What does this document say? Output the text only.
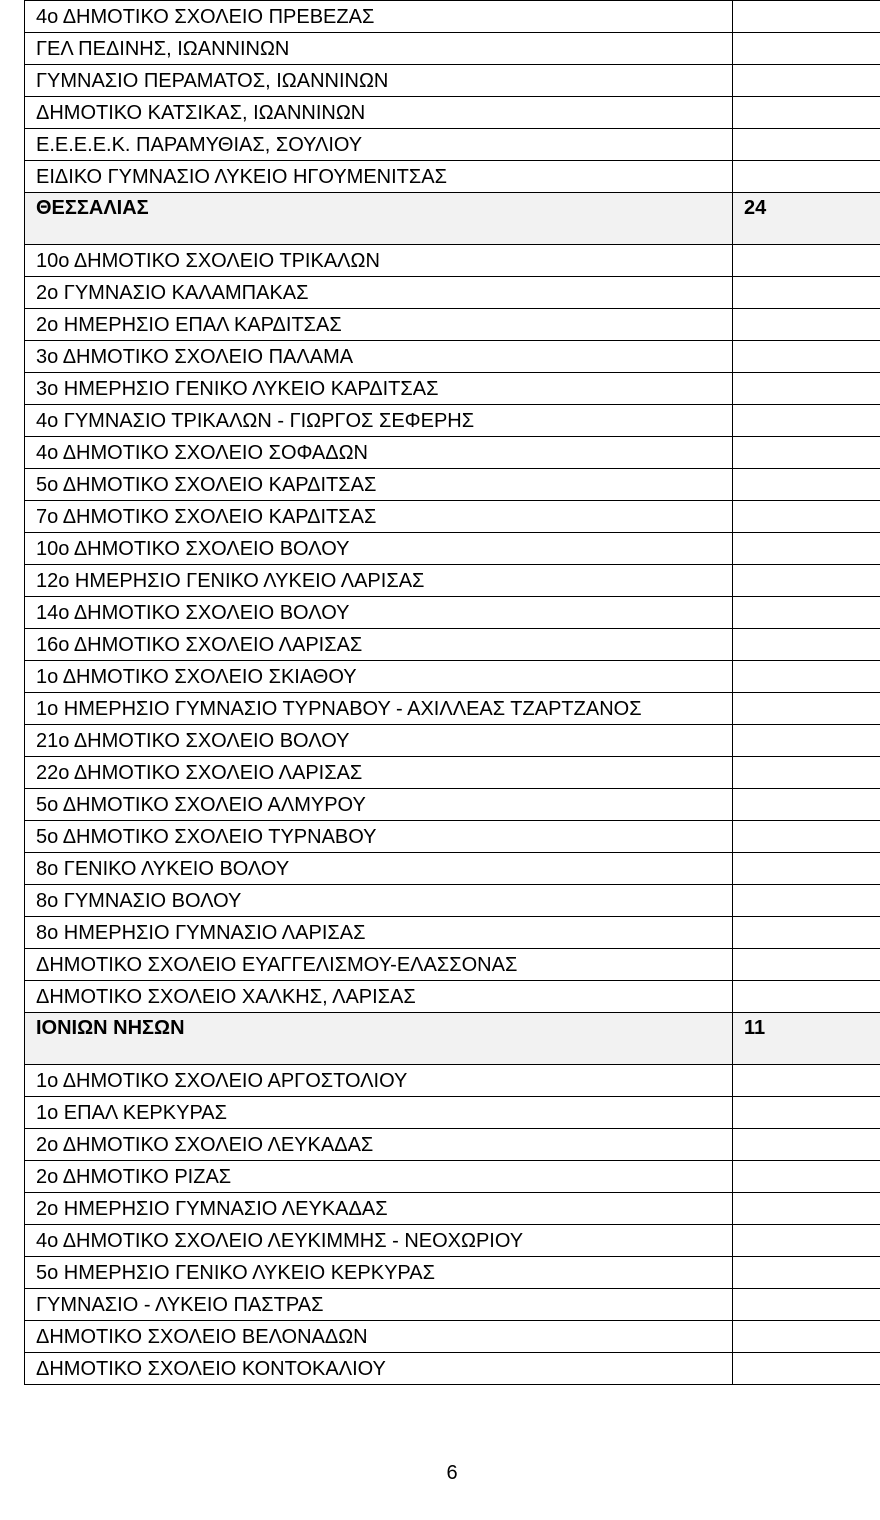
4ο ΔΗΜΟΤΙΚΟ ΣΧΟΛΕΙΟ ΠΡΕΒΕΖΑΣ	
ΓΕΛ ΠΕΔΙΝΗΣ, ΙΩΑΝΝΙΝΩΝ	
ΓΥΜΝΑΣΙΟ ΠΕΡΑΜΑΤΟΣ, ΙΩΑΝΝΙΝΩΝ	
ΔΗΜΟΤΙΚΟ ΚΑΤΣΙΚΑΣ, ΙΩΑΝΝΙΝΩΝ	
Ε.Ε.Ε.Ε.Κ. ΠΑΡΑΜΥΘΙΑΣ, ΣΟΥΛΙΟΥ	
ΕΙΔΙΚΟ ΓΥΜΝΑΣΙΟ ΛΥΚΕΙΟ ΗΓΟΥΜΕΝΙΤΣΑΣ	
ΘΕΣΣΑΛΙΑΣ	24
10ο ΔΗΜΟΤΙΚΟ ΣΧΟΛΕΙΟ ΤΡΙΚΑΛΩΝ	
2ο ΓΥΜΝΑΣΙΟ ΚΑΛΑΜΠΑΚΑΣ	
2ο ΗΜΕΡΗΣΙΟ ΕΠΑΛ ΚΑΡΔΙΤΣΑΣ	
3ο ΔΗΜΟΤΙΚΟ ΣΧΟΛΕΙΟ ΠΑΛΑΜΑ	
3ο ΗΜΕΡΗΣΙΟ ΓΕΝΙΚΟ ΛΥΚΕΙΟ ΚΑΡΔΙΤΣΑΣ	
4ο ΓΥΜΝΑΣΙΟ ΤΡΙΚΑΛΩΝ - ΓΙΩΡΓΟΣ ΣΕΦΕΡΗΣ	
4ο ΔΗΜΟΤΙΚΟ ΣΧΟΛΕΙΟ ΣΟΦΑΔΩΝ	
5ο ΔΗΜΟΤΙΚΟ ΣΧΟΛΕΙΟ ΚΑΡΔΙΤΣΑΣ	
7ο ΔΗΜΟΤΙΚΟ ΣΧΟΛΕΙΟ ΚΑΡΔΙΤΣΑΣ	
10ο ΔΗΜΟΤΙΚΟ ΣΧΟΛΕΙΟ ΒΟΛΟΥ	
12ο ΗΜΕΡΗΣΙΟ ΓΕΝΙΚΟ ΛΥΚΕΙΟ ΛΑΡΙΣΑΣ	
14ο ΔΗΜΟΤΙΚΟ ΣΧΟΛΕΙΟ ΒΟΛΟΥ	
16ο ΔΗΜΟΤΙΚΟ ΣΧΟΛΕΙΟ ΛΑΡΙΣΑΣ	
1ο ΔΗΜΟΤΙΚΟ ΣΧΟΛΕΙΟ ΣΚΙΑΘΟΥ	
1ο ΗΜΕΡΗΣΙΟ ΓΥΜΝΑΣΙΟ ΤΥΡΝΑΒΟΥ - ΑΧΙΛΛΕΑΣ ΤΖΑΡΤΖΑΝΟΣ	
21ο ΔΗΜΟΤΙΚΟ ΣΧΟΛΕΙΟ ΒΟΛΟΥ	
22ο ΔΗΜΟΤΙΚΟ ΣΧΟΛΕΙΟ ΛΑΡΙΣΑΣ	
5ο ΔΗΜΟΤΙΚΟ ΣΧΟΛΕΙΟ ΑΛΜΥΡΟΥ	
5ο ΔΗΜΟΤΙΚΟ ΣΧΟΛΕΙΟ ΤΥΡΝΑΒΟΥ	
8ο ΓΕΝΙΚΟ ΛΥΚΕΙΟ ΒΟΛΟΥ	
8ο ΓΥΜΝΑΣΙΟ ΒΟΛΟΥ	
8ο ΗΜΕΡΗΣΙΟ ΓΥΜΝΑΣΙΟ ΛΑΡΙΣΑΣ	
ΔΗΜΟΤΙΚΟ ΣΧΟΛΕΙΟ ΕΥΑΓΓΕΛΙΣΜΟΥ-ΕΛΑΣΣΟΝΑΣ	
ΔΗΜΟΤΙΚΟ ΣΧΟΛΕΙΟ ΧΑΛΚΗΣ, ΛΑΡΙΣΑΣ	
ΙΟΝΙΩΝ ΝΗΣΩΝ	11
1ο ΔΗΜΟΤΙΚΟ ΣΧΟΛΕΙΟ ΑΡΓΟΣΤΟΛΙΟΥ	
1ο ΕΠΑΛ ΚΕΡΚΥΡΑΣ	
2ο ΔΗΜΟΤΙΚΟ ΣΧΟΛΕΙΟ ΛΕΥΚΑΔΑΣ	
2ο ΔΗΜΟΤΙΚΟ ΡΙΖΑΣ	
2ο ΗΜΕΡΗΣΙΟ ΓΥΜΝΑΣΙΟ ΛΕΥΚΑΔΑΣ	
4ο ΔΗΜΟΤΙΚΟ ΣΧΟΛΕΙΟ ΛΕΥΚΙΜΜΗΣ - ΝΕΟΧΩΡΙΟΥ	
5ο ΗΜΕΡΗΣΙΟ ΓΕΝΙΚΟ ΛΥΚΕΙΟ ΚΕΡΚΥΡΑΣ	
ΓΥΜΝΑΣΙΟ - ΛΥΚΕΙΟ ΠΑΣΤΡΑΣ	
ΔΗΜΟΤΙΚΟ ΣΧΟΛΕΙΟ ΒΕΛΟΝΑΔΩΝ	
ΔΗΜΟΤΙΚΟ ΣΧΟΛΕΙΟ ΚΟΝΤΟΚΑΛΙΟΥ	
6
